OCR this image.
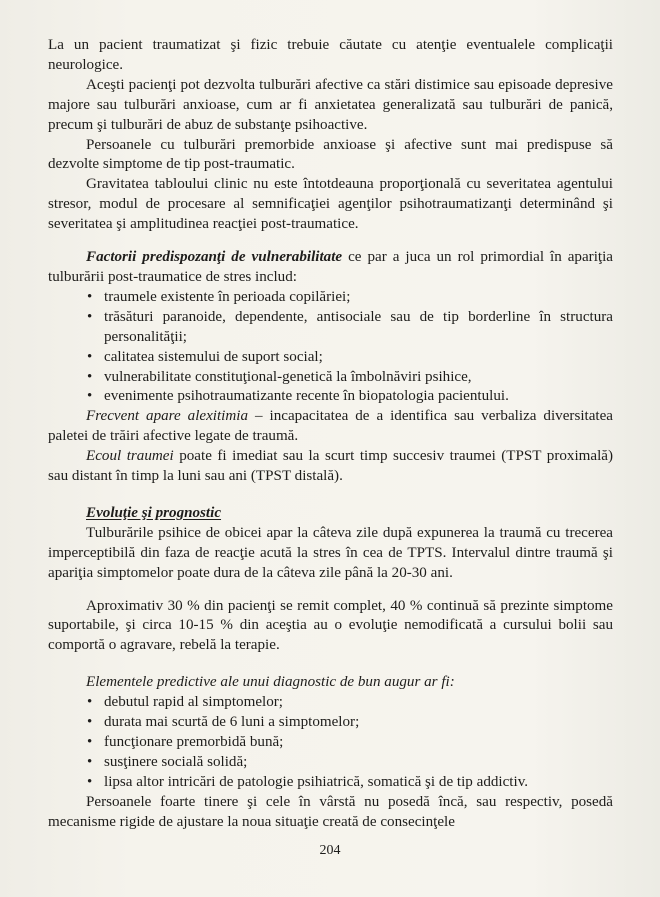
La un pacient traumatizat şi fizic trebuie căutate cu atenţie eventualele complicaţii neurologice.

Aceşti pacienţi pot dezvolta tulburări afective ca stări distimice sau episoade depresive majore sau tulburări anxioase, cum ar fi anxietatea generalizată sau tulburări de panică, precum şi tulburări de abuz de substanţe psihoactive.

Persoanele cu tulburări premorbide anxioase şi afective sunt mai predispuse să dezvolte simptome de tip post-traumatic.

Gravitatea tabloului clinic nu este întotdeauna proporţională cu severitatea agentului stresor, modul de procesare al semnificaţiei agenţilor psihotraumatizanţi determinând şi severitatea şi amplitudinea reacţiei post-traumatice.

Factorii predispozanţi de vulnerabilitate ce par a juca un rol primordial în apariţia tulburării post-traumatice de stres includ:

• traumele existente în perioada copilăriei;
• trăsături paranoide, dependente, antisociale sau de tip borderline în structura personalităţii;
• calitatea sistemului de suport social;
• vulnerabilitate constituţional-genetică la îmbolnăviri psihice,
• evenimente psihotraumatizante recente în biopatologia pacientului.

Frecvent apare alexitimia – incapacitatea de a identifica sau verbaliza diversitatea paletei de trăiri afective legate de traumă.

Ecoul traumei poate fi imediat sau la scurt timp succesiv traumei (TPST proximală) sau distant în timp la luni sau ani (TPST distală).

Evoluţie şi prognostic

Tulburările psihice de obicei apar la câteva zile după expunerea la traumă cu trecerea imperceptibilă din faza de reacţie acută la stres în cea de TPTS. Intervalul dintre traumă şi apariţia simptomelor poate dura de la câteva zile până la 20-30 ani.

Aproximativ 30 % din pacienţi se remit complet, 40 % continuă să prezinte simptome suportabile, şi circa 10-15 % din aceştia au o evoluţie nemodificată a cursului bolii sau comportă o agravare, rebelă la terapie.

Elementele predictive ale unui diagnostic de bun augur ar fi:

• debutul rapid al simptomelor;
• durata mai scurtă de 6 luni a simptomelor;
• funcţionare premorbidă bună;
• susţinere socială solidă;
• lipsa altor intricări de patologie psihiatrică, somatică şi de tip addictiv.

Persoanele foarte tinere şi cele în vârstă nu posedă încă, sau respectiv, posedă mecanisme rigide de ajustare la noua situaţie creată de consecinţele

204
